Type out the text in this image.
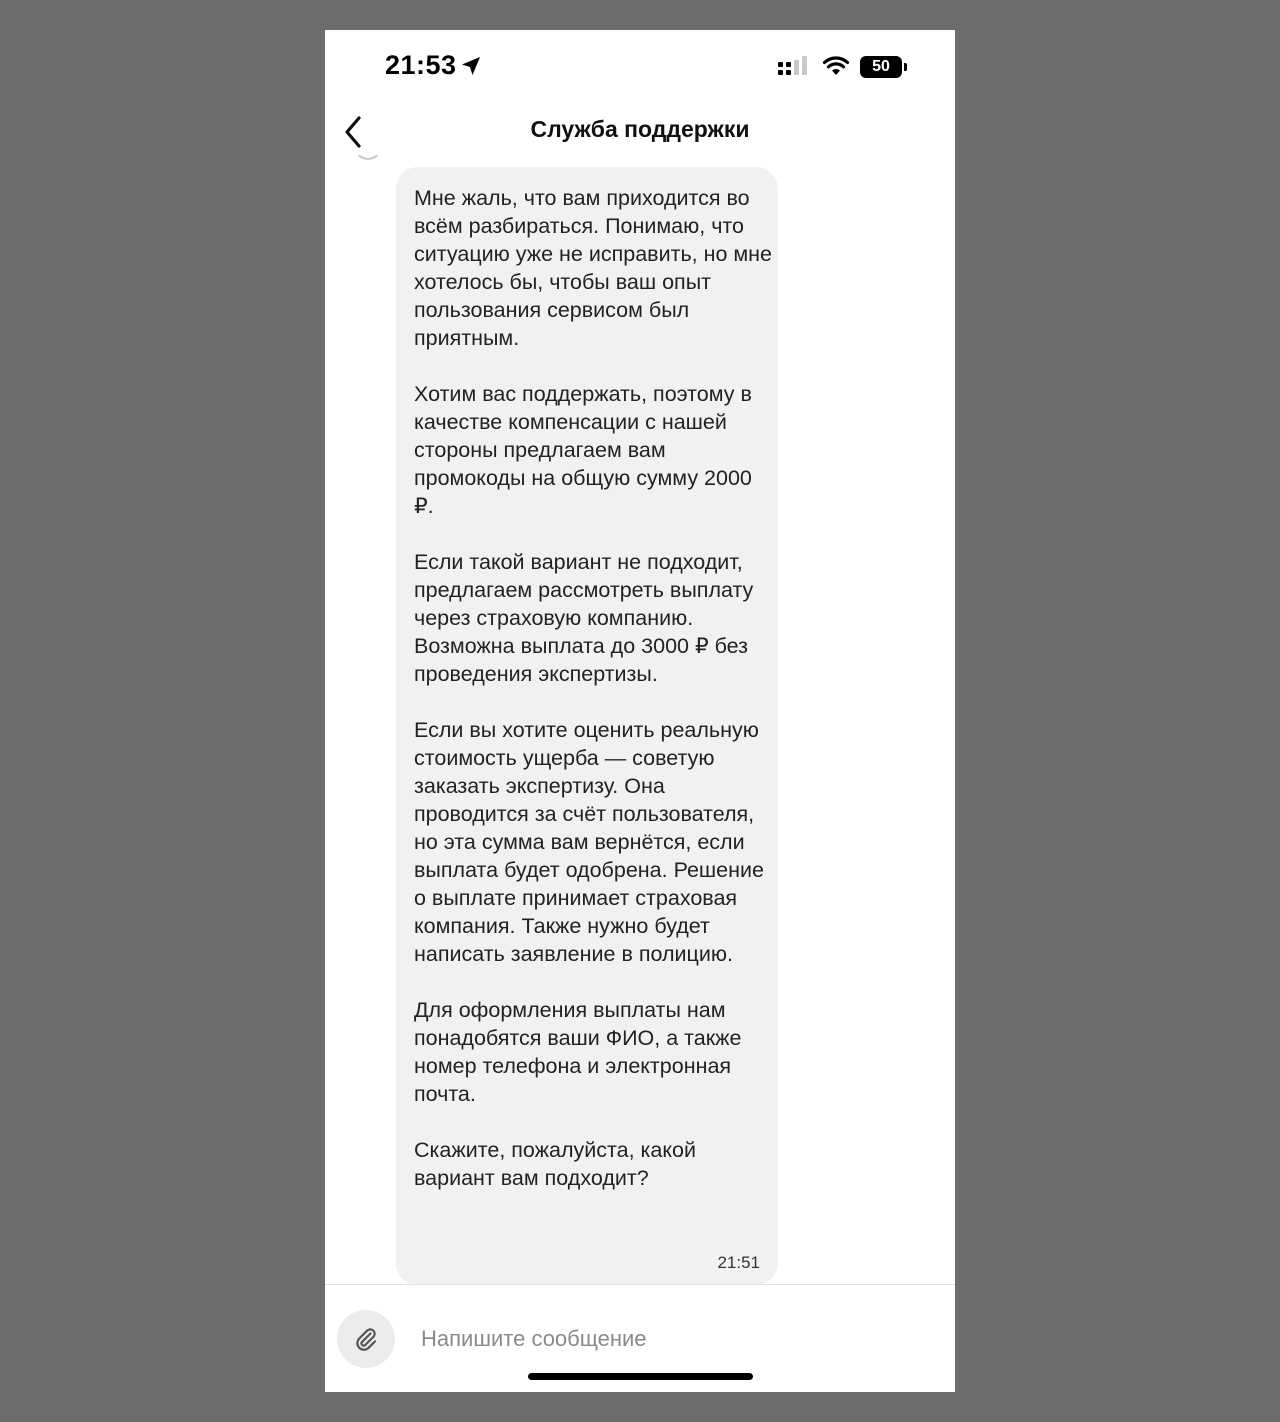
21:53	50
Служба поддержки

Мне жаль, что вам приходится во всём разбираться. Понимаю, что ситуацию уже не исправить, но мне хотелось бы, чтобы ваш опыт пользования сервисом был приятным.

Хотим вас поддержать, поэтому в качестве компенсации с нашей стороны предлагаем вам промокоды на общую сумму 2000 ₽.

Если такой вариант не подходит, предлагаем рассмотреть выплату через страховую компанию. Возможна выплата до 3000 ₽ без проведения экспертизы.

Если вы хотите оценить реальную стоимость ущерба — советую заказать экспертизу. Она проводится за счёт пользователя, но эта сумма вам вернётся, если выплата будет одобрена. Решение о выплате принимает страховая компания. Также нужно будет написать заявление в полицию.

Для оформления выплаты нам понадобятся ваши ФИО, а также номер телефона и электронная почта.

Скажите, пожалуйста, какой вариант вам подходит?

21:51
Напишите сообщение
